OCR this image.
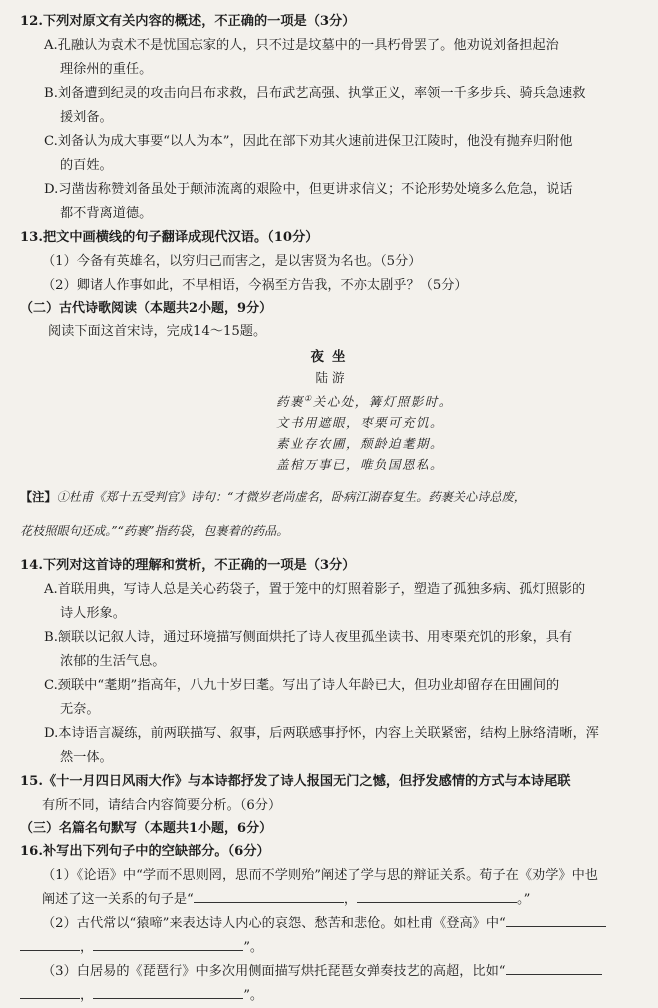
12.下列对原文有关内容的概述，不正确的一项是（3分）

A.孔融认为袁术不是忧国忘家的人，只不过是坟墓中的一具朽骨罢了。他劝说刘备担起治

理徐州的重任。

B.刘备遭到纪灵的攻击向吕布求救，吕布武艺高强、执掌正义，率领一千多步兵、骑兵急速救

援刘备。

C.刘备认为成大事要“以人为本”，因此在部下劝其火速前进保卫江陵时，他没有抛弃归附他

的百姓。

D.习凿齿称赞刘备虽处于颠沛流离的艰险中，但更讲求信义；不论形势处境多么危急，说话

都不背离道德。

13.把文中画横线的句子翻译成现代汉语。（10分）

（1）今备有英雄名，以穷归己而害之，是以害贤为名也。（5分）

（2）卿诸人作事如此，不早相语，今祸至方告我，不亦太剧乎？（5分）

（二）古代诗歌阅读（本题共2小题，9分）

阅读下面这首宋诗，完成14～15题。

夜坐
陆游
药裹①关心处，篝灯照影时。
文书用遮眼，枣栗可充饥。
素业存农圃，颓龄迫耄期。
盖棺万事已，唯负国恩私。

【注】①杜甫《郑十五受判官》诗句：“才微岁老尚虚名，卧病江湖春复生。药裹关心诗总废，

花枝照眼句还成。”“药裹”指药袋，包裹着的药品。

14.下列对这首诗的理解和赏析，不正确的一项是（3分）

A.首联用典，写诗人总是关心药袋子，置于笼中的灯照着影子，塑造了孤独多病、孤灯照影的

诗人形象。

B.颔联以记叙人诗，通过环境描写侧面烘托了诗人夜里孤坐读书、用枣栗充饥的形象，具有

浓郁的生活气息。

C.颈联中“耄期”指高年，八九十岁曰耄。写出了诗人年龄已大，但功业却留存在田圃间的

无奈。

D.本诗语言凝练，前两联描写、叙事，后两联感事抒怀，内容上关联紧密，结构上脉络清晰，浑

然一体。

15.《十一月四日风雨大作》与本诗都抒发了诗人报国无门之憾，但抒发感情的方式与本诗尾联

有所不同，请结合内容简要分析。（6分）

（三）名篇名句默写（本题共1小题，6分）

16.补写出下列句子中的空缺部分。（6分）

（1）《论语》中“学而不思则罔，思而不学则殆”阐述了学与思的辩证关系。荀子在《劝学》中也

阐述了这一关系的句子是“	，	。”

（2）古代常以“猿啼”来表达诗人内心的哀怨、愁苦和悲伧。如杜甫《登高》中“

，	”。

（3）白居易的《琵琶行》中多次用侧面描写烘托琵琶女弹奏技艺的高超，比如“

，	”。
